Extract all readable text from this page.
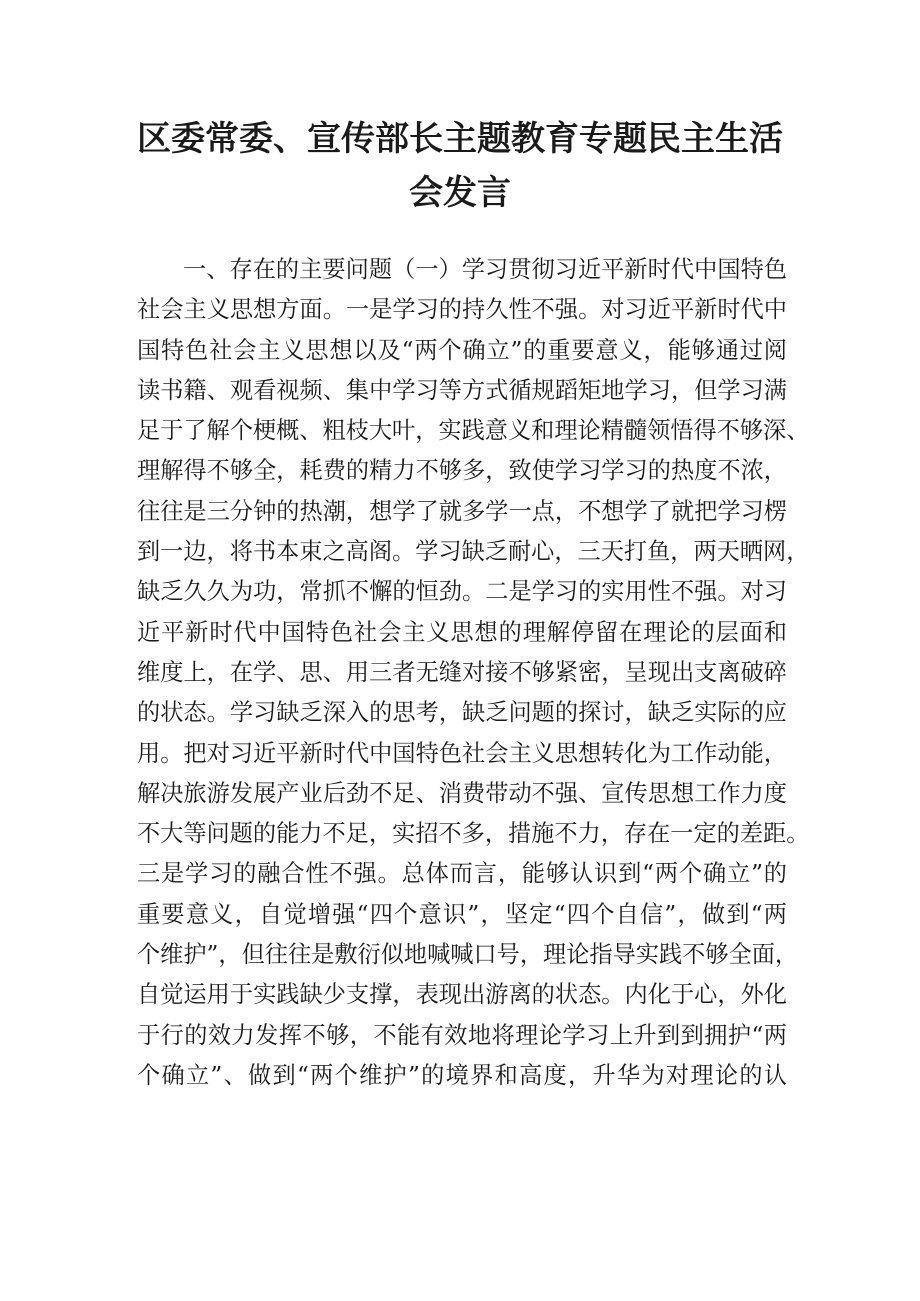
区委常委、宣传部长主题教育专题民主生活
会发言
一、存在的主要问题（一）学习贯彻习近平新时代中国特色
社会主义思想方面。一是学习的持久性不强。对习近平新时代中
国特色社会主义思想以及“两个确立”的重要意义，能够通过阅
读书籍、观看视频、集中学习等方式循规蹈矩地学习，但学习满
足于了解个梗概、粗枝大叶，实践意义和理论精髓领悟得不够深、
理解得不够全，耗费的精力不够多，致使学习学习的热度不浓，
往往是三分钟的热潮，想学了就多学一点，不想学了就把学习楞
到一边，将书本束之高阁。学习缺乏耐心，三天打鱼，两天晒网，
缺乏久久为功，常抓不懈的恒劲。二是学习的实用性不强。对习
近平新时代中国特色社会主义思想的理解停留在理论的层面和
维度上，在学、思、用三者无缝对接不够紧密，呈现出支离破碎
的状态。学习缺乏深入的思考，缺乏问题的探讨，缺乏实际的应
用。把对习近平新时代中国特色社会主义思想转化为工作动能，
解决旅游发展产业后劲不足、消费带动不强、宣传思想工作力度
不大等问题的能力不足，实招不多，措施不力，存在一定的差距。
三是学习的融合性不强。总体而言，能够认识到“两个确立”的
重要意义，自觉增强“四个意识”，坚定“四个自信”，做到“两
个维护”，但往往是敷衍似地喊喊口号，理论指导实践不够全面，
自觉运用于实践缺少支撑，表现出游离的状态。内化于心，外化
于行的效力发挥不够，不能有效地将理论学习上升到到拥护“两
个确立”、做到“两个维护”的境界和高度，升华为对理论的认
